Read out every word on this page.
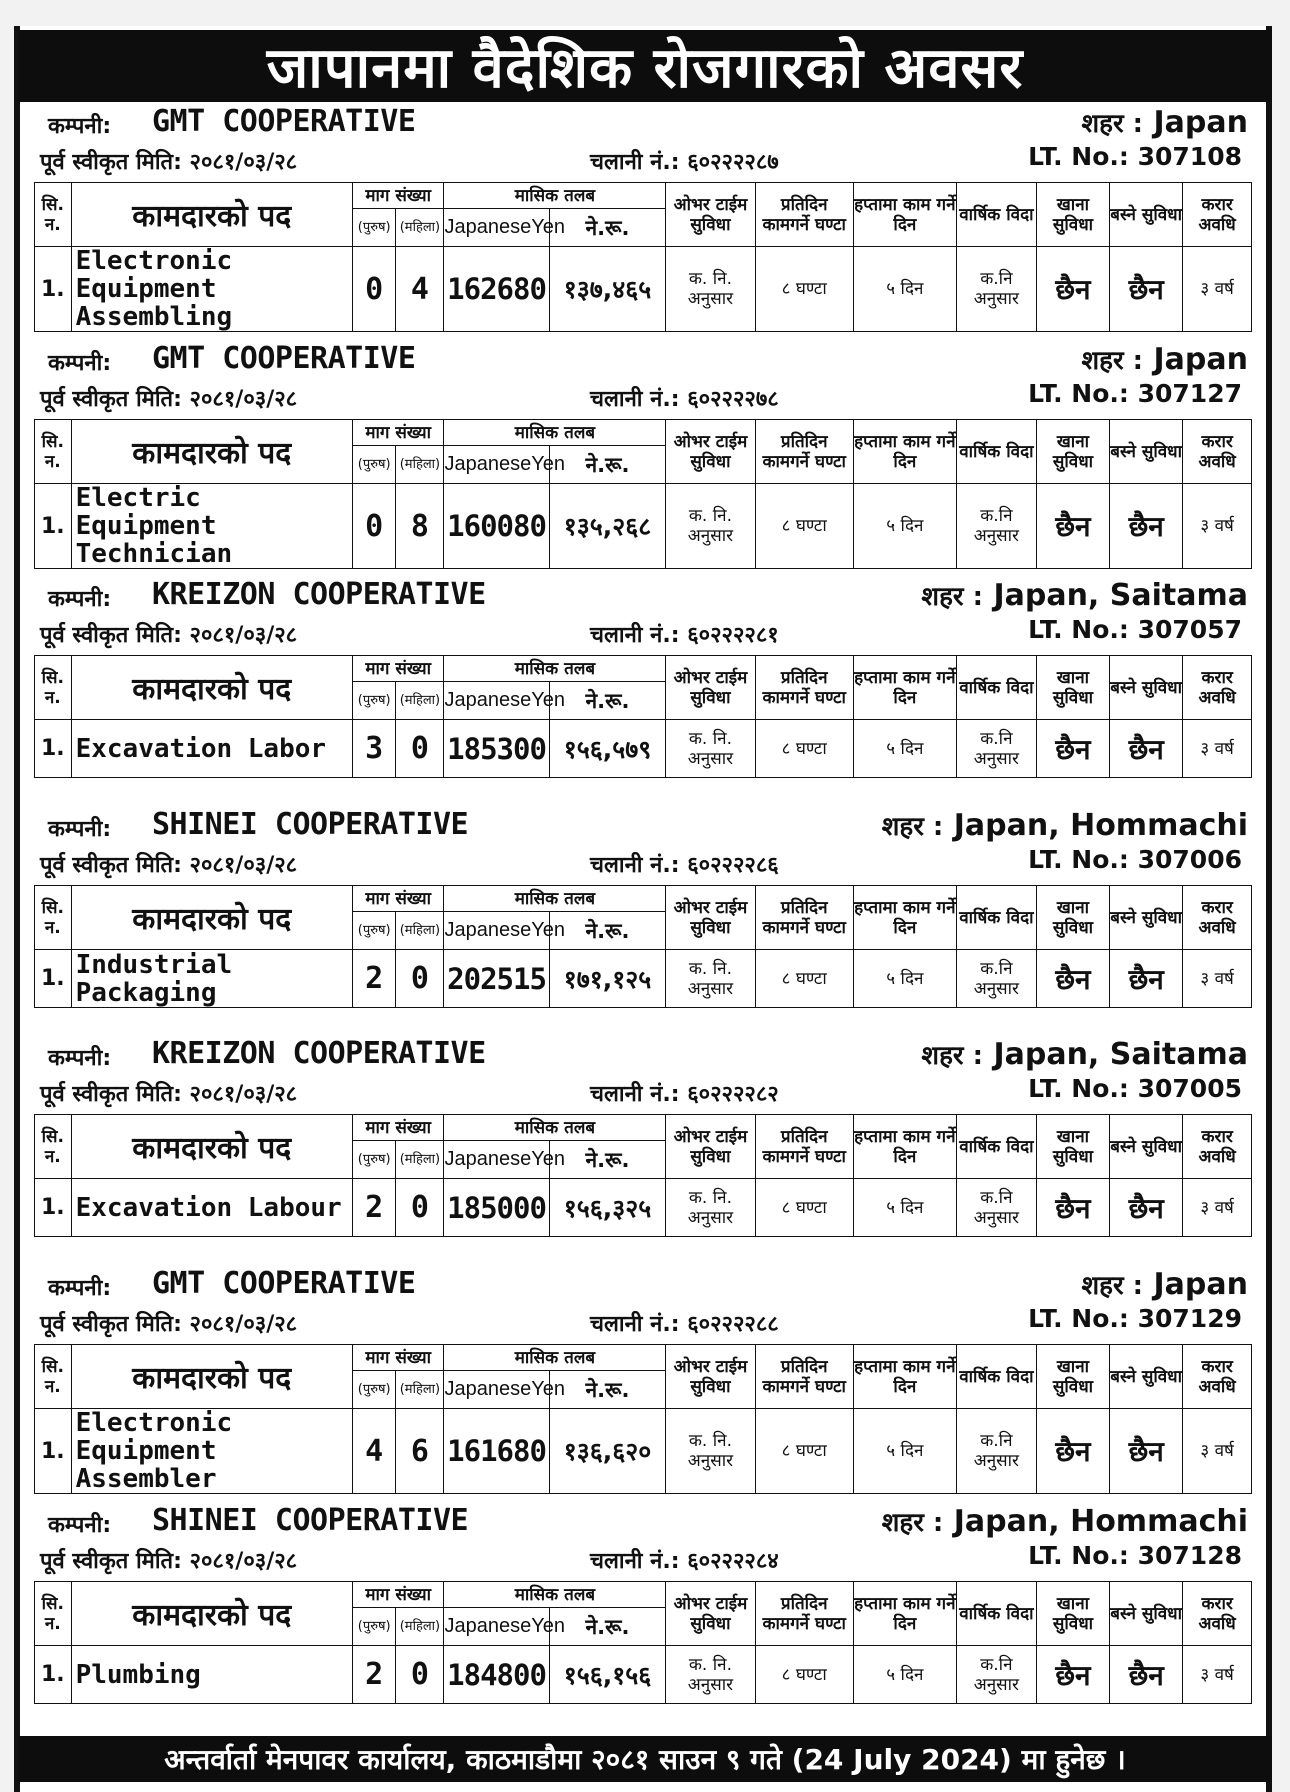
जापानमा वैदेशिक रोजगारको अवसर
कम्पनी: GMT COOPERATIVE	शहर : Japan
पूर्व स्वीकृत मिति: २०८१/०३/२८	चलानी नं.: ६०२२२२८७	LT. No.: 307108
सि.
न.	कामदारको पद	माग संख्या		मासिक तलब		ओभर टाईम सुविधा	प्रतिदिन कामगर्ने घण्टा	हप्तामा काम गर्ने दिन	वार्षिक विदा	खाना सुविधा	बस्ने सुविधा	करार अवधि
		(पुरुष)	(महिला)	JapaneseYen	ने.रू.							
1.	Electronic Equipment Assembling	0	4	162680	१३७,४६५	क. नि. अनुसार	८ घण्टा	५ दिन	क.नि अनुसार	छैन	छैन	३ वर्ष
कम्पनी: GMT COOPERATIVE	शहर : Japan
पूर्व स्वीकृत मिति: २०८१/०३/२८	चलानी नं.: ६०२२२२७८	LT. No.: 307127
सि.
न.	कामदारको पद	माग संख्या		मासिक तलब		ओभर टाईम सुविधा	प्रतिदिन कामगर्ने घण्टा	हप्तामा काम गर्ने दिन	वार्षिक विदा	खाना सुविधा	बस्ने सुविधा	करार अवधि
		(पुरुष)	(महिला)	JapaneseYen	ने.रू.							
1.	Electric Equipment Technician	0	8	160080	१३५,२६८	क. नि. अनुसार	८ घण्टा	५ दिन	क.नि अनुसार	छैन	छैन	३ वर्ष
कम्पनी: KREIZON COOPERATIVE	शहर : Japan, Saitama
पूर्व स्वीकृत मिति: २०८१/०३/२८	चलानी नं.: ६०२२२२८१	LT. No.: 307057
सि.
न.	कामदारको पद	माग संख्या		मासिक तलब		ओभर टाईम सुविधा	प्रतिदिन कामगर्ने घण्टा	हप्तामा काम गर्ने दिन	वार्षिक विदा	खाना सुविधा	बस्ने सुविधा	करार अवधि
		(पुरुष)	(महिला)	JapaneseYen	ने.रू.							
1.	Excavation Labor	3	0	185300	१५६,५७९	क. नि. अनुसार	८ घण्टा	५ दिन	क.नि अनुसार	छैन	छैन	३ वर्ष
कम्पनी: SHINEI COOPERATIVE	शहर : Japan, Hommachi
पूर्व स्वीकृत मिति: २०८१/०३/२८	चलानी नं.: ६०२२२२८६	LT. No.: 307006
सि.
न.	कामदारको पद	माग संख्या		मासिक तलब		ओभर टाईम सुविधा	प्रतिदिन कामगर्ने घण्टा	हप्तामा काम गर्ने दिन	वार्षिक विदा	खाना सुविधा	बस्ने सुविधा	करार अवधि
		(पुरुष)	(महिला)	JapaneseYen	ने.रू.							
1.	Industrial Packaging	2	0	202515	१७१,१२५	क. नि. अनुसार	८ घण्टा	५ दिन	क.नि अनुसार	छैन	छैन	३ वर्ष
कम्पनी: KREIZON COOPERATIVE	शहर : Japan, Saitama
पूर्व स्वीकृत मिति: २०८१/०३/२८	चलानी नं.: ६०२२२२८२	LT. No.: 307005
सि.
न.	कामदारको पद	माग संख्या		मासिक तलब		ओभर टाईम सुविधा	प्रतिदिन कामगर्ने घण्टा	हप्तामा काम गर्ने दिन	वार्षिक विदा	खाना सुविधा	बस्ने सुविधा	करार अवधि
		(पुरुष)	(महिला)	JapaneseYen	ने.रू.							
1.	Excavation Labour	2	0	185000	१५६,३२५	क. नि. अनुसार	८ घण्टा	५ दिन	क.नि अनुसार	छैन	छैन	३ वर्ष
कम्पनी: GMT COOPERATIVE	शहर : Japan
पूर्व स्वीकृत मिति: २०८१/०३/२८	चलानी नं.: ६०२२२२८८	LT. No.: 307129
सि.
न.	कामदारको पद	माग संख्या		मासिक तलब		ओभर टाईम सुविधा	प्रतिदिन कामगर्ने घण्टा	हप्तामा काम गर्ने दिन	वार्षिक विदा	खाना सुविधा	बस्ने सुविधा	करार अवधि
		(पुरुष)	(महिला)	JapaneseYen	ने.रू.							
1.	Electronic Equipment Assembler	4	6	161680	१३६,६२०	क. नि. अनुसार	८ घण्टा	५ दिन	क.नि अनुसार	छैन	छैन	३ वर्ष
कम्पनी: SHINEI COOPERATIVE	शहर : Japan, Hommachi
पूर्व स्वीकृत मिति: २०८१/०३/२८	चलानी नं.: ६०२२२२८४	LT. No.: 307128
सि.
न.	कामदारको पद	माग संख्या		मासिक तलब		ओभर टाईम सुविधा	प्रतिदिन कामगर्ने घण्टा	हप्तामा काम गर्ने दिन	वार्षिक विदा	खाना सुविधा	बस्ने सुविधा	करार अवधि
		(पुरुष)	(महिला)	JapaneseYen	ने.रू.							
1.	Plumbing	2	0	184800	१५६,१५६	क. नि. अनुसार	८ घण्टा	५ दिन	क.नि अनुसार	छैन	छैन	३ वर्ष
अन्तर्वार्ता मेनपावर कार्यालय, काठमाडौमा २०८१ साउन ९ गते (24 July 2024) मा हुनेछ ।
